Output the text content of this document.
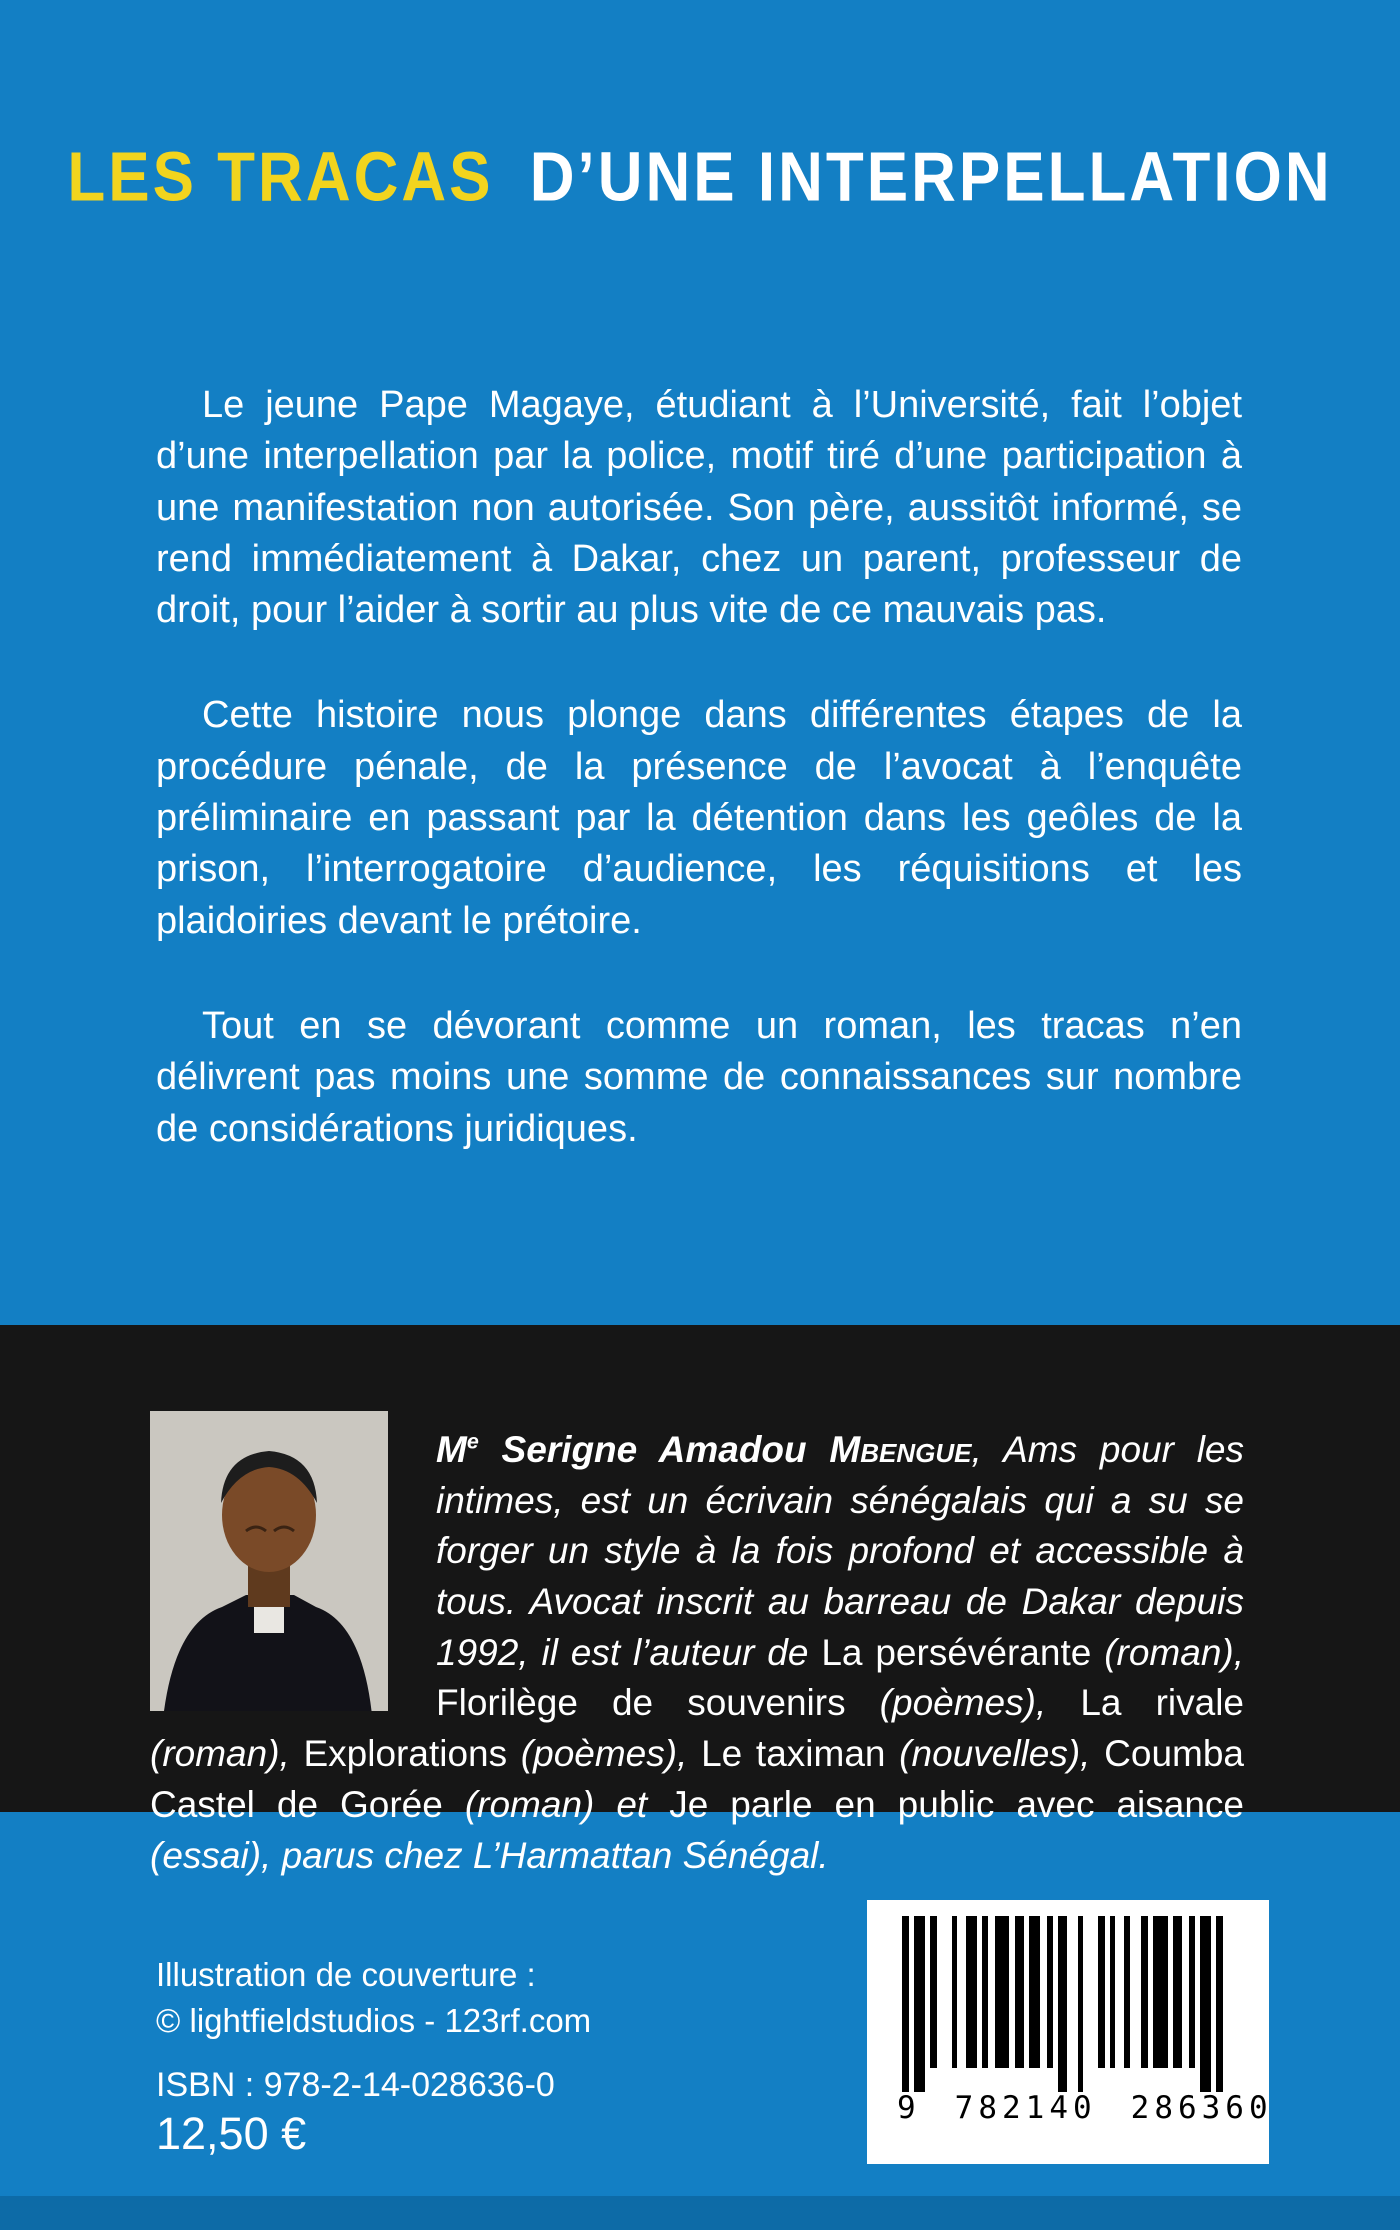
LES TRACAS D’UNE INTERPELLATION

Le jeune Pape Magaye, étudiant à l’Université, fait l’objet d’une interpellation par la police, motif tiré d’une participation à une manifestation non autorisée. Son père, aussitôt informé, se rend immédiatement à Dakar, chez un parent, professeur de droit, pour l’aider à sortir au plus vite de ce mauvais pas.

Cette histoire nous plonge dans différentes étapes de la procédure pénale, de la présence de l’avocat à l’enquête préliminaire en passant par la détention dans les geôles de la prison, l’interrogatoire d’audience, les réquisitions et les plaidoiries devant le prétoire.

Tout en se dévorant comme un roman, les tracas n’en délivrent pas moins une somme de connaissances sur nombre de considérations juridiques.

Me Serigne Amadou Mbengue, Ams pour les intimes, est un écrivain sénégalais qui a su se forger un style à la fois profond et accessible à tous. Avocat inscrit au barreau de Dakar depuis 1992, il est l’auteur de La persévérante (roman), Florilège de souvenirs (poèmes), La rivale (roman), Explorations (poèmes), Le taximan (nouvelles), Coumba Castel de Gorée (roman) et Je parle en public avec aisance (essai), parus chez L’Harmattan Sénégal.

Illustration de couverture :
© lightfieldstudios - 123rf.com
ISBN : 978-2-14-028636-0
12,50 €	9 782140 286360
